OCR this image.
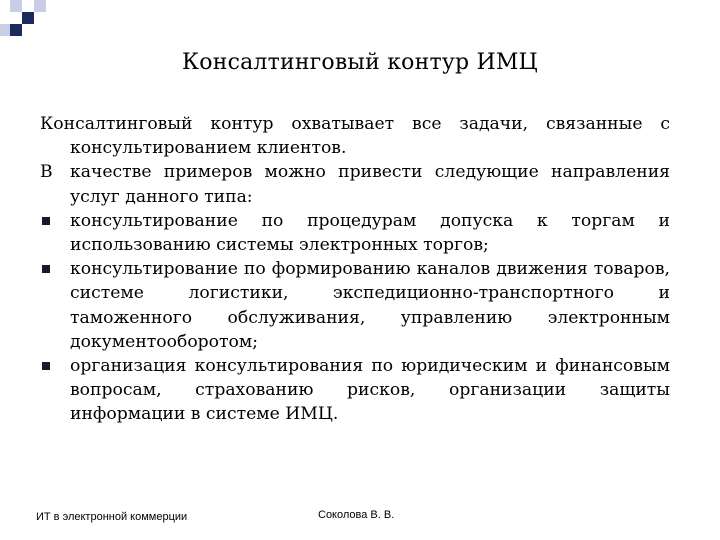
Консалтинговый контур ИМЦ
Консалтинговый контур охватывает все задачи, связанные с консультированием клиентов.
В качестве примеров можно привести следующие направления услуг данного типа:
консультирование по процедурам допуска к торгам и использованию системы электронных торгов;
консультирование по формированию каналов движения товаров, системе логистики, экспедиционно-транспортного и таможенного обслуживания, управлению электронным документооборотом;
организация консультирования по юридическим и финансовым вопросам, страхованию рисков, организации защиты информации в системе ИМЦ.
ИТ в электронной коммерции	Соколова В. В.
